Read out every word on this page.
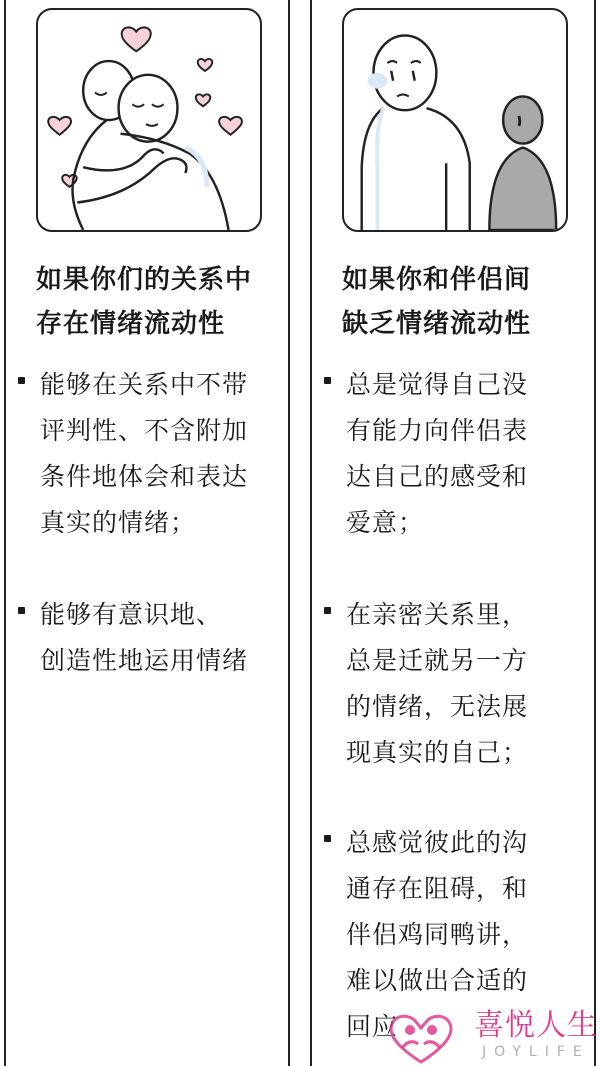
如果你们的关系中
存在情绪流动性
能够在关系中不带
评判性、不含附加
条件地体会和表达
真实的情绪；
能够有意识地、
创造性地运用情绪
如果你和伴侣间
缺乏情绪流动性
总是觉得自己没
有能力向伴侣表
达自己的感受和
爱意；
在亲密关系里，
总是迁就另一方
的情绪，无法展
现真实的自己；
总感觉彼此的沟
通存在阻碍，和
伴侣鸡同鸭讲，
难以做出合适的
回应	喜悦人生
JOYLIFE
